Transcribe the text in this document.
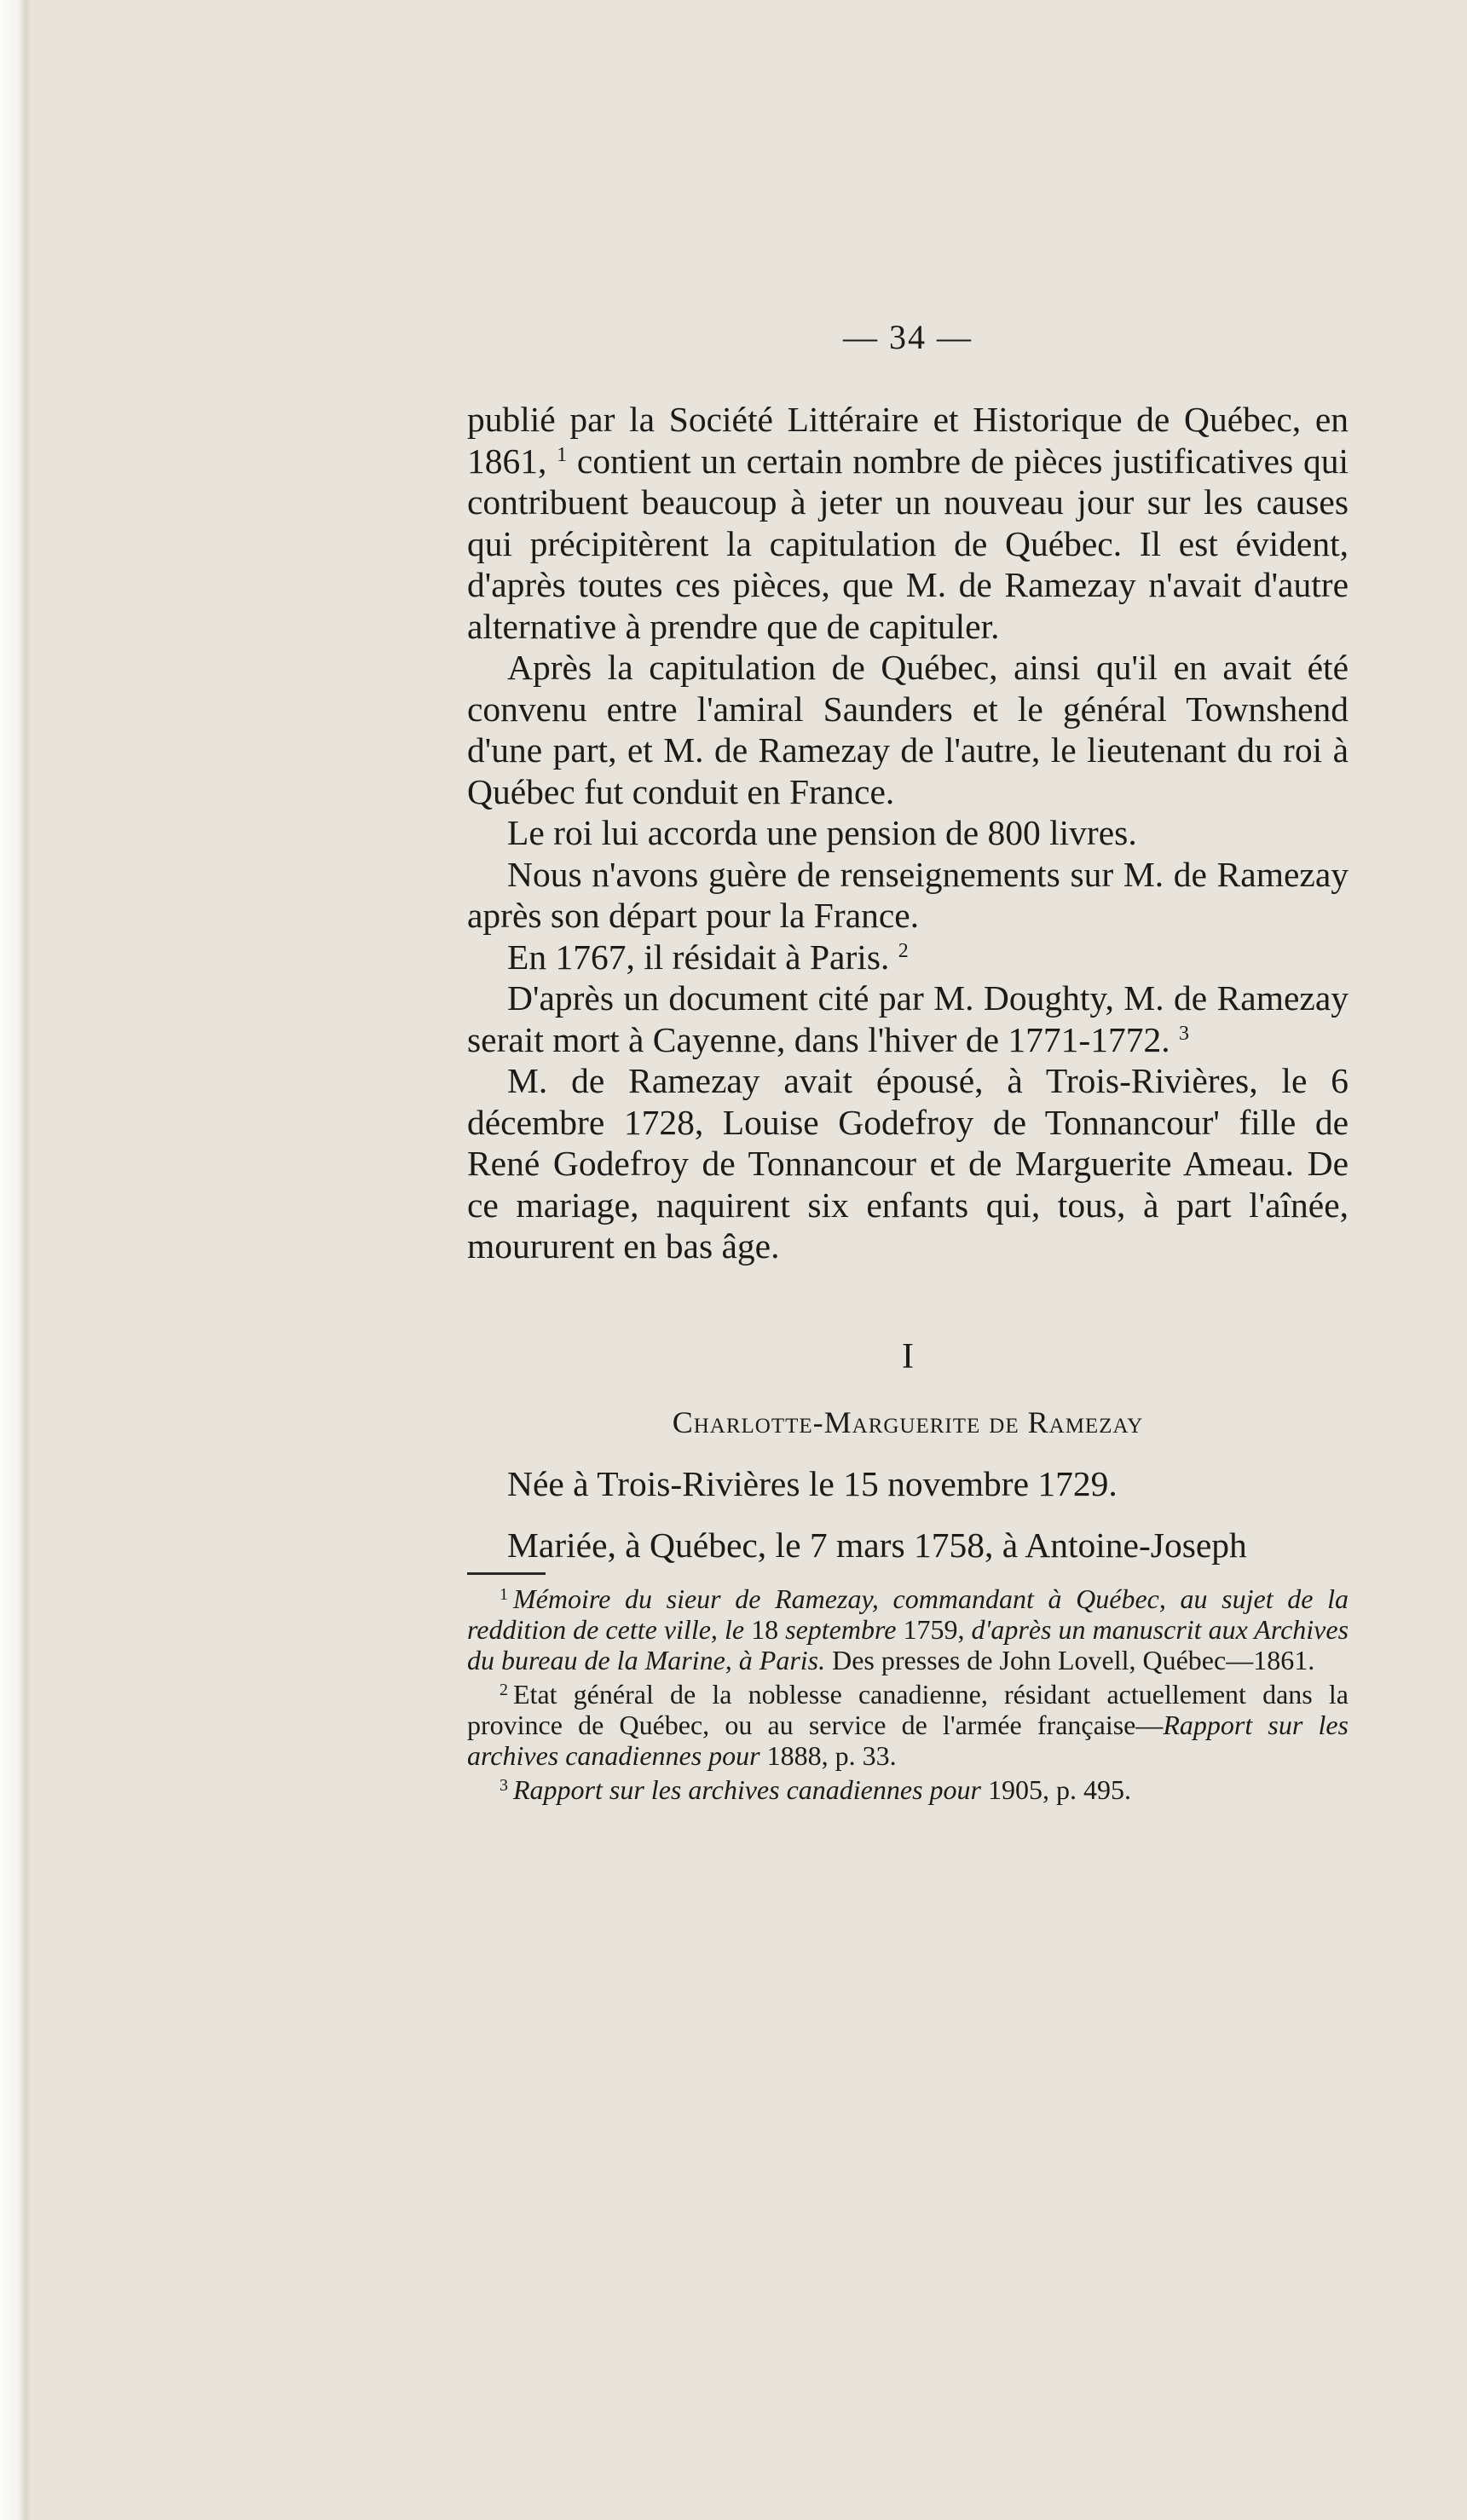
— 34 —

publié par la Société Littéraire et Historique de Québec, en 1861, $^1$ contient un certain nombre de pièces justificatives qui contribuent beaucoup à jeter un nouveau jour sur les causes qui précipitèrent la capitulation de Québec. Il est évident, d'après toutes ces pièces, que M. de Ramezay n'avait d'autre alternative à prendre que de capituler.

Après la capitulation de Québec, ainsi qu'il en avait été convenu entre l'amiral Saunders et le général Townshend d'une part, et M. de Ramezay de l'autre, le lieutenant du roi à Québec fut conduit en France.

Le roi lui accorda une pension de 800 livres.

Nous n'avons guère de renseignements sur M. de Ramezay après son départ pour la France.

En 1767, il résidait à Paris. $^2$

D'après un document cité par M. Doughty, M. de Ramezay serait mort à Cayenne, dans l'hiver de 1771-1772. $^3$

M. de Ramezay avait épousé, à Trois-Rivières, le 6 décembre 1728, Louise Godefroy de Tonnancour' fille de René Godefroy de Tonnancour et de Marguerite Ameau. De ce mariage, naquirent six enfants qui, tous, à part l'aînée, moururent en bas âge.

I
Charlotte-Marguerite de Ramezay

Née à Trois-Rivières le 15 novembre 1729.

Mariée, à Québec, le 7 mars 1758, à Antoine-Joseph

$^1$ Mémoire du sieur de Ramezay, commandant à Québec, au sujet de la reddition de cette ville, le 18 septembre 1759, d'après un manuscrit aux Archives du bureau de la Marine, à Paris. Des presses de John Lovell, Québec—1861.

$^2$ Etat général de la noblesse canadienne, résidant actuellement dans la province de Québec, ou au service de l'armée française—Rapport sur les archives canadiennes pour 1888, p. 33.

$^3$ Rapport sur les archives canadiennes pour 1905, p. 495.
